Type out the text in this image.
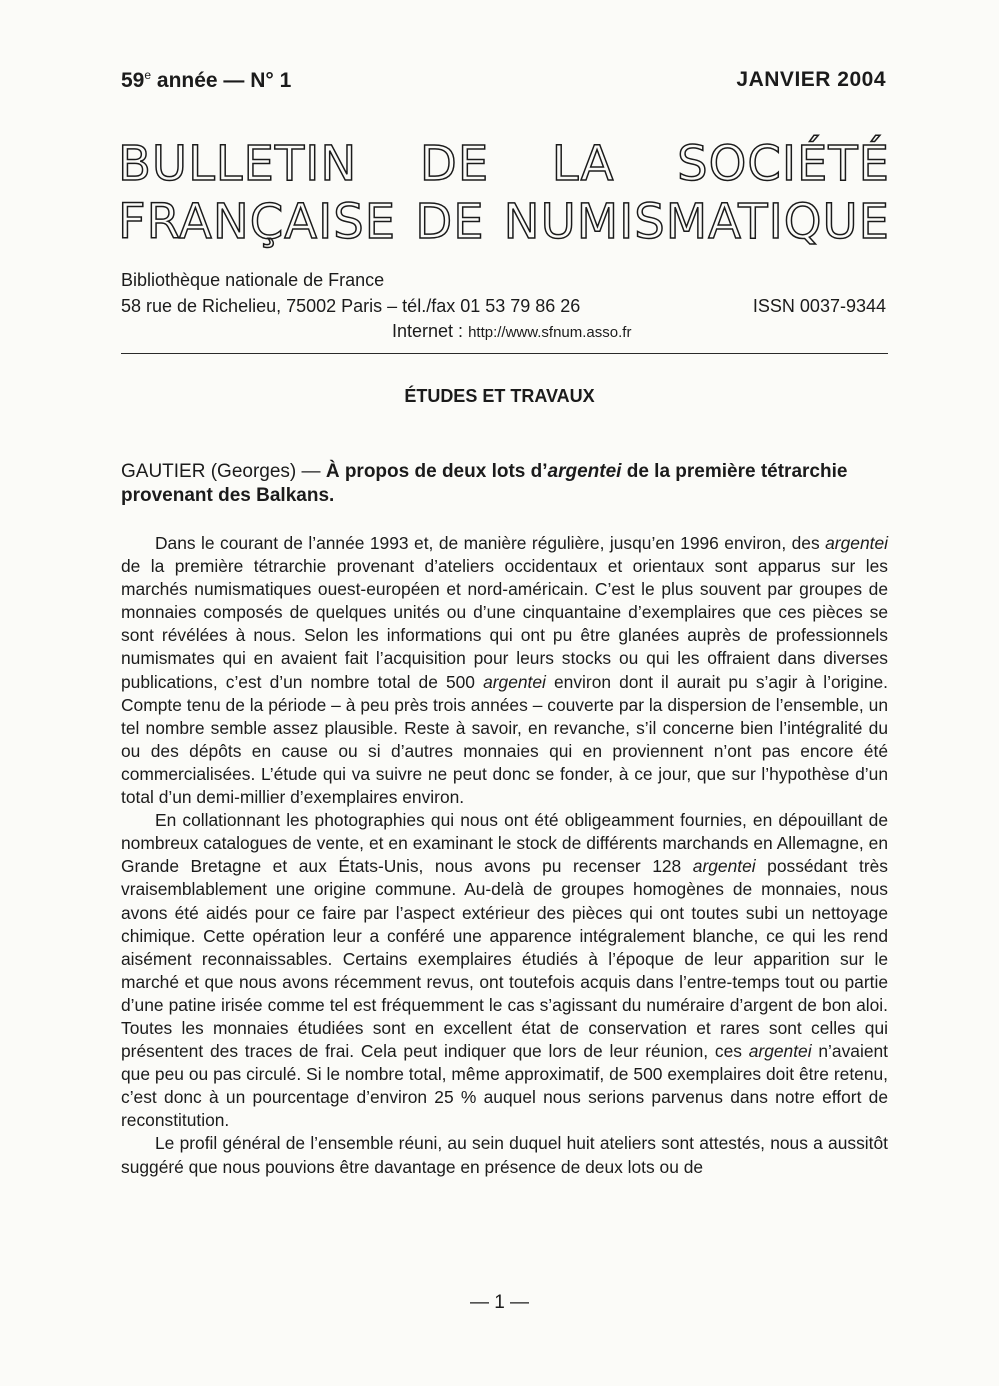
59e année — N° 1	JANVIER 2004
BULLETIN DE LA SOCIÉTÉ
FRANÇAISE DE NUMISMATIQUE
Bibliothèque nationale de France
58 rue de Richelieu, 75002 Paris – tél./fax 01 53 79 86 26	ISSN 0037-9344
Internet : http://www.sfnum.asso.fr
ÉTUDES ET TRAVAUX
GAUTIER (Georges) — À propos de deux lots d’argentei de la première tétrarchie provenant des Balkans.

Dans le courant de l’année 1993 et, de manière régulière, jusqu’en 1996 environ, des argentei de la première tétrarchie provenant d’ateliers occidentaux et orientaux sont apparus sur les marchés numismatiques ouest-européen et nord-américain. C’est le plus souvent par groupes de monnaies composés de quelques unités ou d’une cinquantaine d’exemplaires que ces pièces se sont révélées à nous. Selon les informations qui ont pu être glanées auprès de professionnels numismates qui en avaient fait l’acquisition pour leurs stocks ou qui les offraient dans diverses publications, c’est d’un nombre total de 500 argentei environ dont il aurait pu s’agir à l’origine. Compte tenu de la période – à peu près trois années – couverte par la dispersion de l’ensemble, un tel nombre semble assez plausible. Reste à savoir, en revanche, s’il concerne bien l’intégralité du ou des dépôts en cause ou si d’autres monnaies qui en proviennent n’ont pas encore été commercialisées. L’étude qui va suivre ne peut donc se fonder, à ce jour, que sur l’hypothèse d’un total d’un demi-millier d’exemplaires environ.

En collationnant les photographies qui nous ont été obligeamment fournies, en dépouillant de nombreux catalogues de vente, et en examinant le stock de différents marchands en Allemagne, en Grande Bretagne et aux États-Unis, nous avons pu recenser 128 argentei possédant très vraisemblablement une origine commune. Au-delà de groupes homogènes de monnaies, nous avons été aidés pour ce faire par l’aspect extérieur des pièces qui ont toutes subi un nettoyage chimique. Cette opération leur a conféré une apparence intégralement blanche, ce qui les rend aisément reconnaissables. Certains exemplaires étudiés à l’époque de leur apparition sur le marché et que nous avons récemment revus, ont toutefois acquis dans l’entre-temps tout ou partie d’une patine irisée comme tel est fréquemment le cas s’agissant du numéraire d’argent de bon aloi. Toutes les monnaies étudiées sont en excellent état de conservation et rares sont celles qui présentent des traces de frai. Cela peut indiquer que lors de leur réunion, ces argentei n’avaient que peu ou pas circulé. Si le nombre total, même approximatif, de 500 exemplaires doit être retenu, c’est donc à un pourcentage d’environ 25 % auquel nous serions parvenus dans notre effort de reconstitution.

Le profil général de l’ensemble réuni, au sein duquel huit ateliers sont attestés, nous a aussitôt suggéré que nous pouvions être davantage en présence de deux lots ou de

— 1 —
